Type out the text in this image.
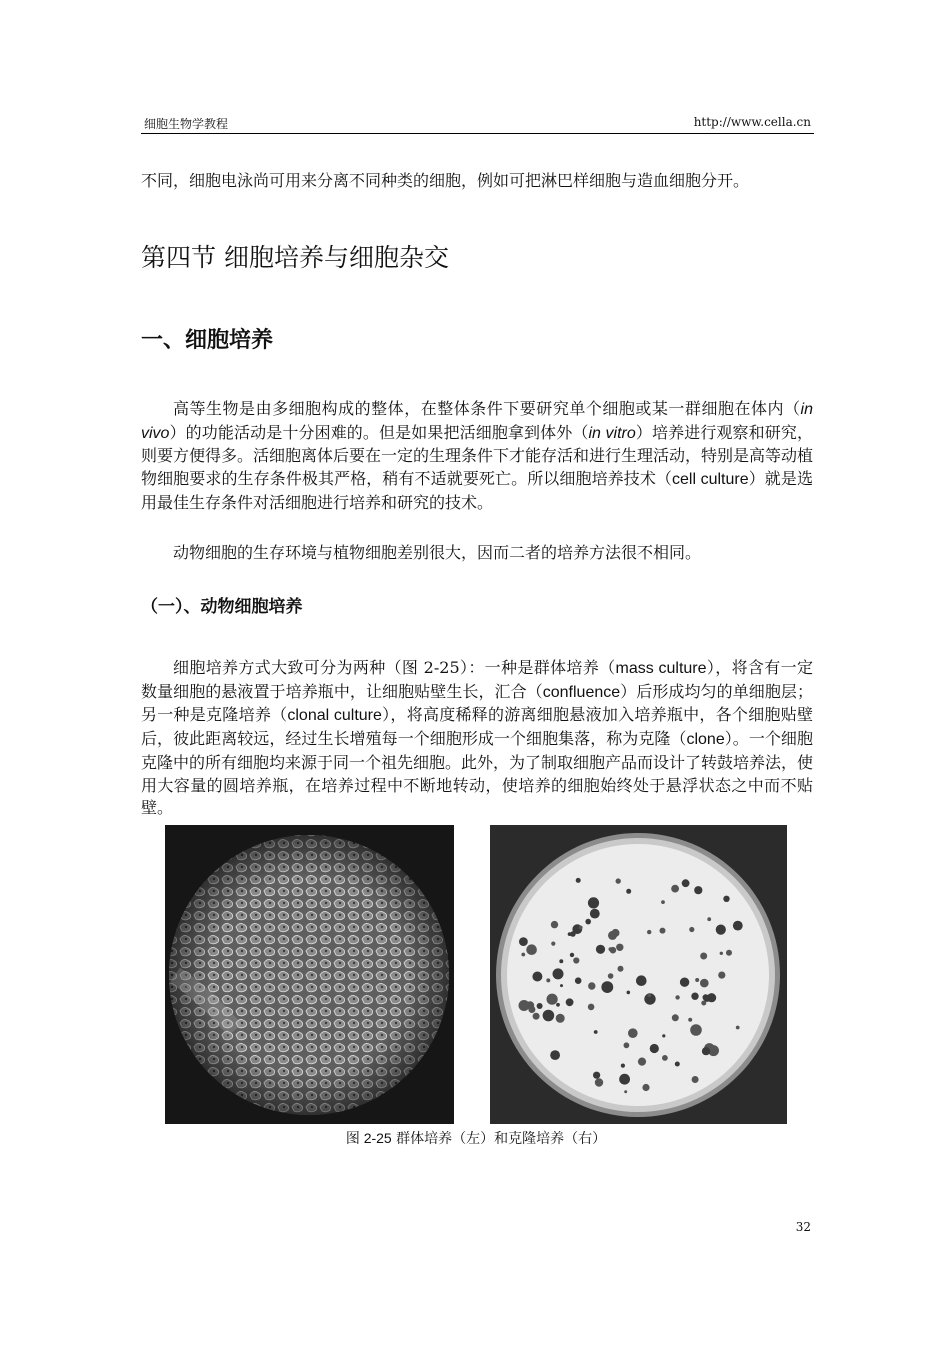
细胞生物学教程	http://www.cella.cn

不同，细胞电泳尚可用来分离不同种类的细胞，例如可把淋巴样细胞与造血细胞分开。

第四节 细胞培养与细胞杂交
一、细胞培养

高等生物是由多细胞构成的整体，在整体条件下要研究单个细胞或某一群细胞在体内（in vivo）的功能活动是十分困难的。但是如果把活细胞拿到体外（in vitro）培养进行观察和研究，则要方便得多。活细胞离体后要在一定的生理条件下才能存活和进行生理活动，特别是高等动植物细胞要求的生存条件极其严格，稍有不适就要死亡。所以细胞培养技术（cell culture）就是选用最佳生存条件对活细胞进行培养和研究的技术。

动物细胞的生存环境与植物细胞差别很大，因而二者的培养方法很不相同。

（一）、动物细胞培养

细胞培养方式大致可分为两种（图 2-25）：一种是群体培养（mass culture），将含有一定数量细胞的悬液置于培养瓶中，让细胞贴壁生长，汇合（confluence）后形成均匀的单细胞层；另一种是克隆培养（clonal culture），将高度稀释的游离细胞悬液加入培养瓶中，各个细胞贴壁后，彼此距离较远，经过生长增殖每一个细胞形成一个细胞集落，称为克隆（clone）。一个细胞克隆中的所有细胞均来源于同一个祖先细胞。此外，为了制取细胞产品而设计了转鼓培养法，使用大容量的圆培养瓶，在培养过程中不断地转动，使培养的细胞始终处于悬浮状态之中而不贴壁。

图 2-25 群体培养（左）和克隆培养（右）
32
